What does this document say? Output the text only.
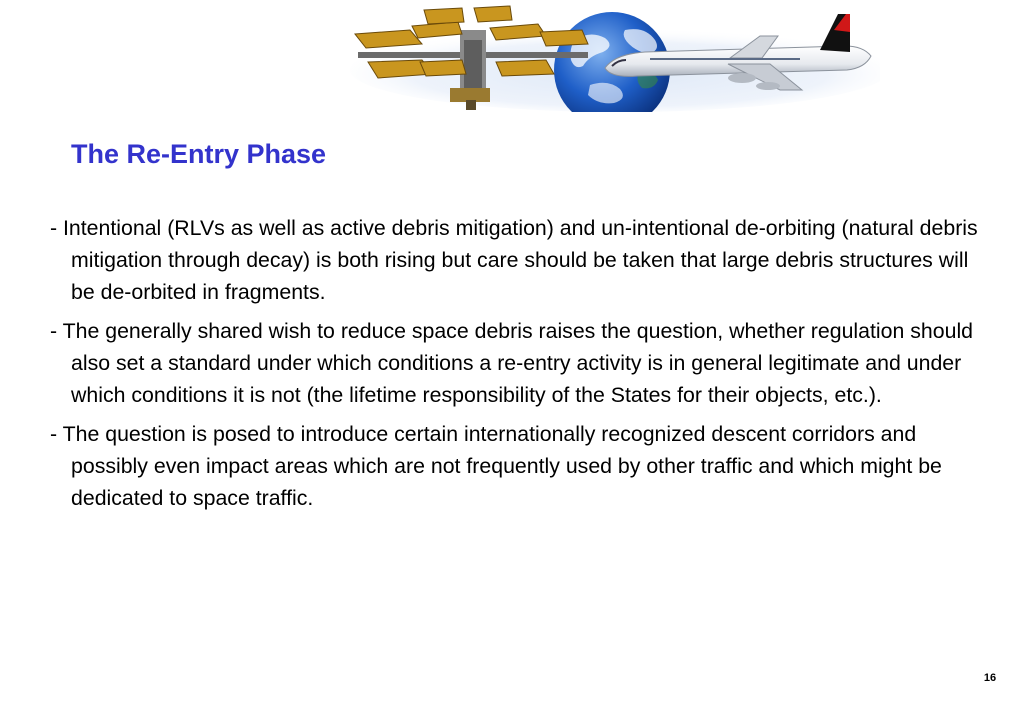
The Re-Entry Phase

- Intentional (RLVs as well as active debris mitigation) and un-intentional de-orbiting (natural debris mitigation through decay) is both rising but care should be taken that large debris structures will be de-orbited in fragments.

- The generally shared wish to reduce space debris raises the question, whether regulation should also set a standard under which conditions a re-entry activity is in general legitimate and under which conditions it is not (the lifetime responsibility of the States for their objects, etc.).

- The question is posed to introduce certain internationally recognized descent corridors and possibly even impact areas which are not frequently used by other traffic and which might be dedicated to space traffic.

16
